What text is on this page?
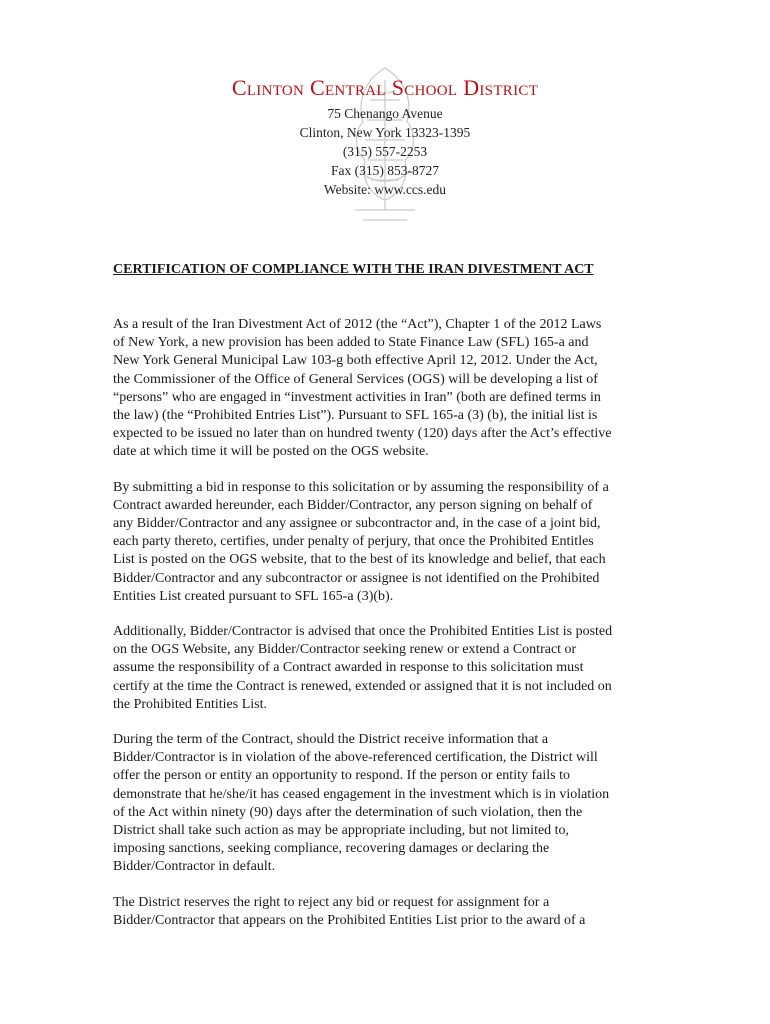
Clinton Central School District

75 Chenango Avenue

Clinton, New York 13323-1395

(315) 557-2253

Fax (315) 853-8727

Website: www.ccs.edu

CERTIFICATION OF COMPLIANCE WITH THE IRAN DIVESTMENT ACT

As a result of the Iran Divestment Act of 2012 (the “Act”), Chapter 1 of the 2012 Laws
of New York, a new provision has been added to State Finance Law (SFL) 165-a and
New York General Municipal Law 103-g both effective April 12, 2012. Under the Act,
the Commissioner of the Office of General Services (OGS) will be developing a list of
“persons” who are engaged in “investment activities in Iran” (both are defined terms in
the law) (the “Prohibited Entries List”). Pursuant to SFL 165-a (3) (b), the initial list is
expected to be issued no later than on hundred twenty (120) days after the Act’s effective
date at which time it will be posted on the OGS website.

By submitting a bid in response to this solicitation or by assuming the responsibility of a
Contract awarded hereunder, each Bidder/Contractor, any person signing on behalf of
any Bidder/Contractor and any assignee or subcontractor and, in the case of a joint bid,
each party thereto, certifies, under penalty of perjury, that once the Prohibited Entitles
List is posted on the OGS website, that to the best of its knowledge and belief, that each
Bidder/Contractor and any subcontractor or assignee is not identified on the Prohibited
Entities List created pursuant to SFL 165-a (3)(b).

Additionally, Bidder/Contractor is advised that once the Prohibited Entities List is posted
on the OGS Website, any Bidder/Contractor seeking renew or extend a Contract or
assume the responsibility of a Contract awarded in response to this solicitation must
certify at the time the Contract is renewed, extended or assigned that it is not included on
the Prohibited Entities List.

During the term of the Contract, should the District receive information that a
Bidder/Contractor is in violation of the above-referenced certification, the District will
offer the person or entity an opportunity to respond. If the person or entity fails to
demonstrate that he/she/it has ceased engagement in the investment which is in violation
of the Act within ninety (90) days after the determination of such violation, then the
District shall take such action as may be appropriate including, but not limited to,
imposing sanctions, seeking compliance, recovering damages or declaring the
Bidder/Contractor in default.

The District reserves the right to reject any bid or request for assignment for a
Bidder/Contractor that appears on the Prohibited Entities List prior to the award of a
